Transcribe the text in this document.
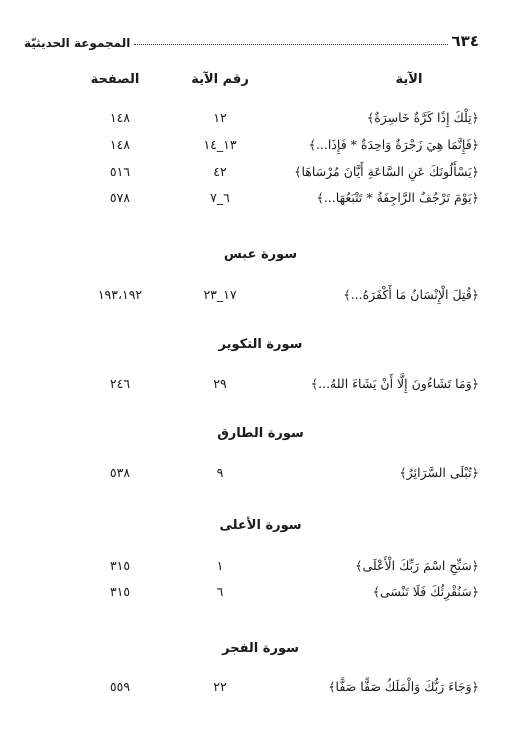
٦٣٤
المجموعة الحديثيّة
الآية
رقم الآية
الصفحة
﴿تِلْكَ إِذًا كَرَّةٌ خَاسِرَةٌ﴾
١٢
١٤٨
﴿فَإِنَّمَا هِيَ زَجْرَةٌ وَاحِدَةٌ * فَإِذَا...﴾
١٣_١٤
١٤٨
﴿يَسْأَلُونَكَ عَنِ السَّاعَةِ أَيَّانَ مُرْسَاهَا﴾
٤٢
٥١٦
﴿يَوْمَ تَرْجُفُ الرَّاجِفَةُ * تَتْبَعُهَا...﴾
٦_٧
٥٧٨
سورة عبس
﴿قُتِلَ الْإِنْسَانُ مَا أَكْفَرَهُ...﴾
١٧_٢٣
١٩٣،١٩٢
سورة التكوير
﴿وَمَا تَشَاءُونَ إِلَّا أَنْ يَشَاءَ اللهُ...﴾
٢٩
٢٤٦
سورة الطارق
﴿تُبْلَى السَّرَائِرُ﴾
٩
٥٣٨
سورة الأعلى
﴿سَبِّحِ اسْمَ رَبِّكَ الْأَعْلَى﴾
١
٣١٥
﴿سَنُقْرِئُكَ فَلَا تَنْسَى﴾
٦
٣١٥
سورة الفجر
﴿وَجَاءَ رَبُّكَ وَالْمَلَكُ صَفًّا صَفًّا﴾
٢٢
٥٥٩
